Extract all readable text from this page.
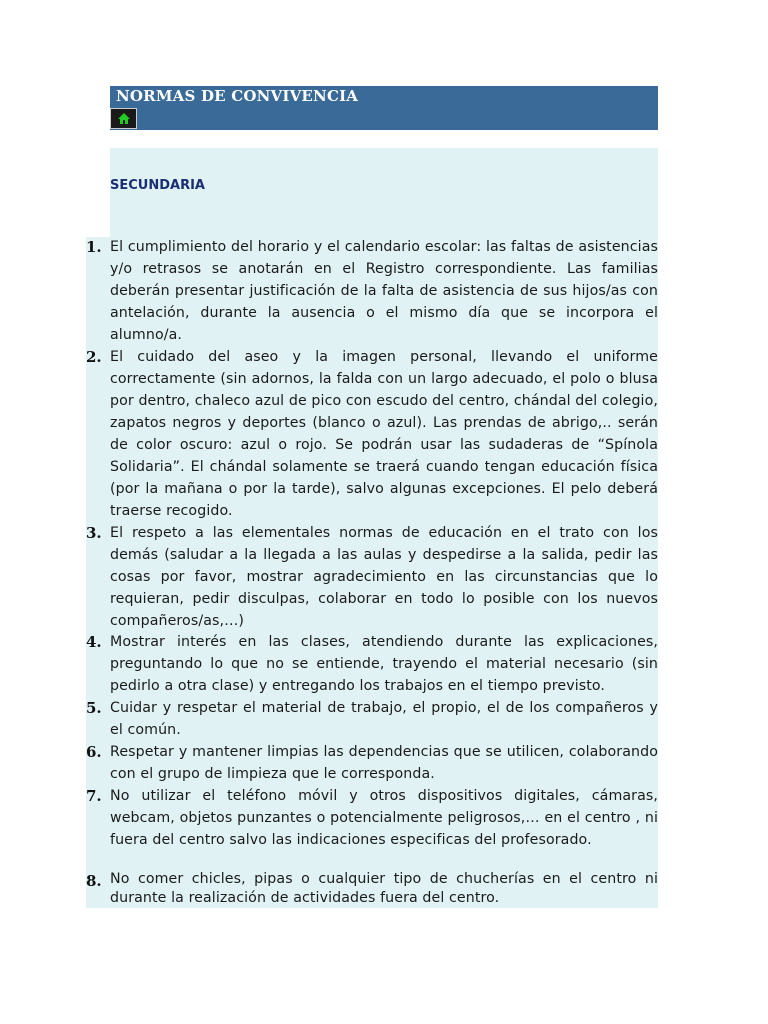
NORMAS DE CONVIVENCIA
SECUNDARIA
1. El cumplimiento del horario y el calendario escolar: las faltas de asistencias y/o retrasos se anotarán en el Registro correspondiente. Las familias deberán presentar justificación de la falta de asistencia de sus hijos/as con antelación, durante la ausencia o el mismo día que se incorpora el alumno/a.
2. El cuidado del aseo y la imagen personal, llevando el uniforme correctamente (sin adornos, la falda con un largo adecuado, el polo o blusa por dentro, chaleco azul de pico con escudo del centro, chándal del colegio, zapatos negros y deportes (blanco o azul). Las prendas de abrigo,.. serán de color oscuro: azul o rojo. Se podrán usar las sudaderas de “Spínola Solidaria”. El chándal solamente se traerá cuando tengan educación física (por la mañana o por la tarde), salvo algunas excepciones. El pelo deberá traerse recogido.
3. El respeto a las elementales normas de educación en el trato con los demás (saludar a la llegada a las aulas y despedirse a la salida, pedir las cosas por favor, mostrar agradecimiento en las circunstancias que lo requieran, pedir disculpas, colaborar en todo lo posible con los nuevos compañeros/as,…)
4. Mostrar interés en las clases, atendiendo durante las explicaciones, preguntando lo que no se entiende, trayendo el material necesario (sin pedirlo a otra clase) y entregando los trabajos en el tiempo previsto.
5. Cuidar y respetar el material de trabajo, el propio, el de los compañeros y el común.
6. Respetar y mantener limpias las dependencias que se utilicen, colaborando con el grupo de limpieza que le corresponda.
7. No utilizar el teléfono móvil y otros dispositivos digitales, cámaras, webcam, objetos punzantes o potencialmente peligrosos,… en el centro , ni fuera del centro salvo las indicaciones especificas del profesorado.
8. No comer chicles, pipas o cualquier tipo de chucherías en el centro ni durante la realización de actividades fuera del centro.
